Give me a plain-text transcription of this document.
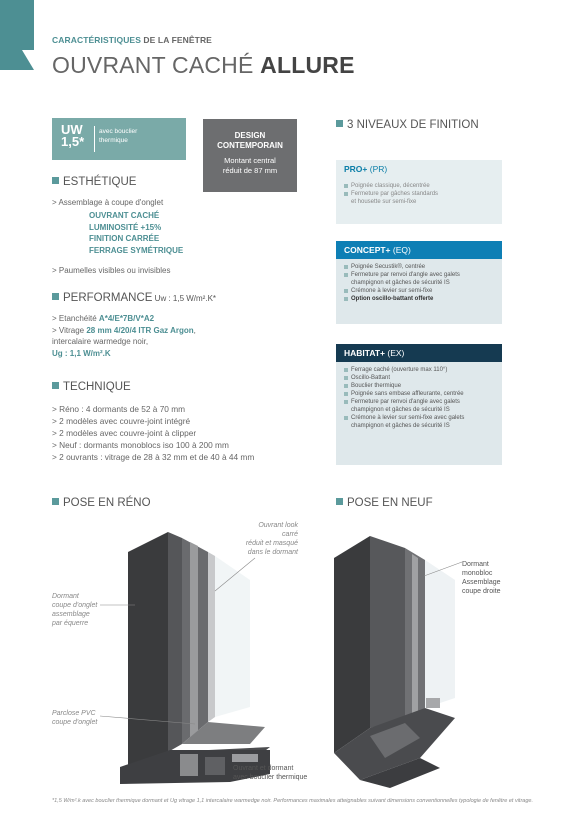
CARACTÉRISTIQUES DE LA FENÊTRE
OUVRANT CACHÉ ALLURE
UW
1,5*
avec bouclier
thermique	DESIGN
CONTEMPORAIN
Montant central
réduit de 87 mm
ESTHÉTIQUE
> Assemblage à coupe d'onglet
OUVRANT CACHÉ
LUMINOSITÉ +15%
FINITION CARRÉE
FERRAGE SYMÉTRIQUE
> Paumelles visibles ou invisibles
PERFORMANCE Uw : 1,5 W/m².K*
> Etanchéité A*4/E*7B/V*A2
> Vitrage 28 mm 4/20/4 ITR Gaz Argon,
intercalaire warmedge noir,
Ug : 1,1 W/m².K
TECHNIQUE
> Réno : 4 dormants de 52 à 70 mm
> 2 modèles avec couvre-joint intégré
> 2 modèles avec couvre-joint à clipper
> Neuf : dormants monoblocs iso 100 à 200 mm
> 2 ouvrants : vitrage de 28 à 32 mm et de 40 à 44 mm
3 NIVEAUX DE FINITION
PRO+ (PR)
Poignée classique, décentrée
Fermeture par gâches standards
et housette sur semi-fixe
CONCEPT+ (EQ)
Poignée Secustik®, centrée
Fermeture par renvoi d'angle avec galets
champignon et gâches de sécurité IS
Crémone à levier sur semi-fixe
Option oscillo-battant offerte
HABITAT+ (EX)
Ferrage caché (ouverture max 110°)
Oscillo-Battant
Bouclier thermique
Poignée sans embase affleurante, centrée
Fermeture par renvoi d'angle avec galets
champignon et gâches de sécurité IS
Crémone à levier sur semi-fixe avec galets
champignon et gâches de sécurité IS
POSE EN RÉNO
Ouvrant look
carré
réduit et masqué
dans le dormant
Dormant
coupe d'onglet
assemblage
par équerre
Parclose PVC
coupe d'onglet
Ouvrant et dormant
avec bouclier thermique
POSE EN NEUF
Dormant
monobloc
Assemblage
coupe droite
*1,5 W/m².k avec bouclier thermique dormant et Ug vitrage 1,1 intercalaire warmedge noir. Performances maximales atteignables suivant dimensions conventionnelles typologie de fenêtre et vitrage.
